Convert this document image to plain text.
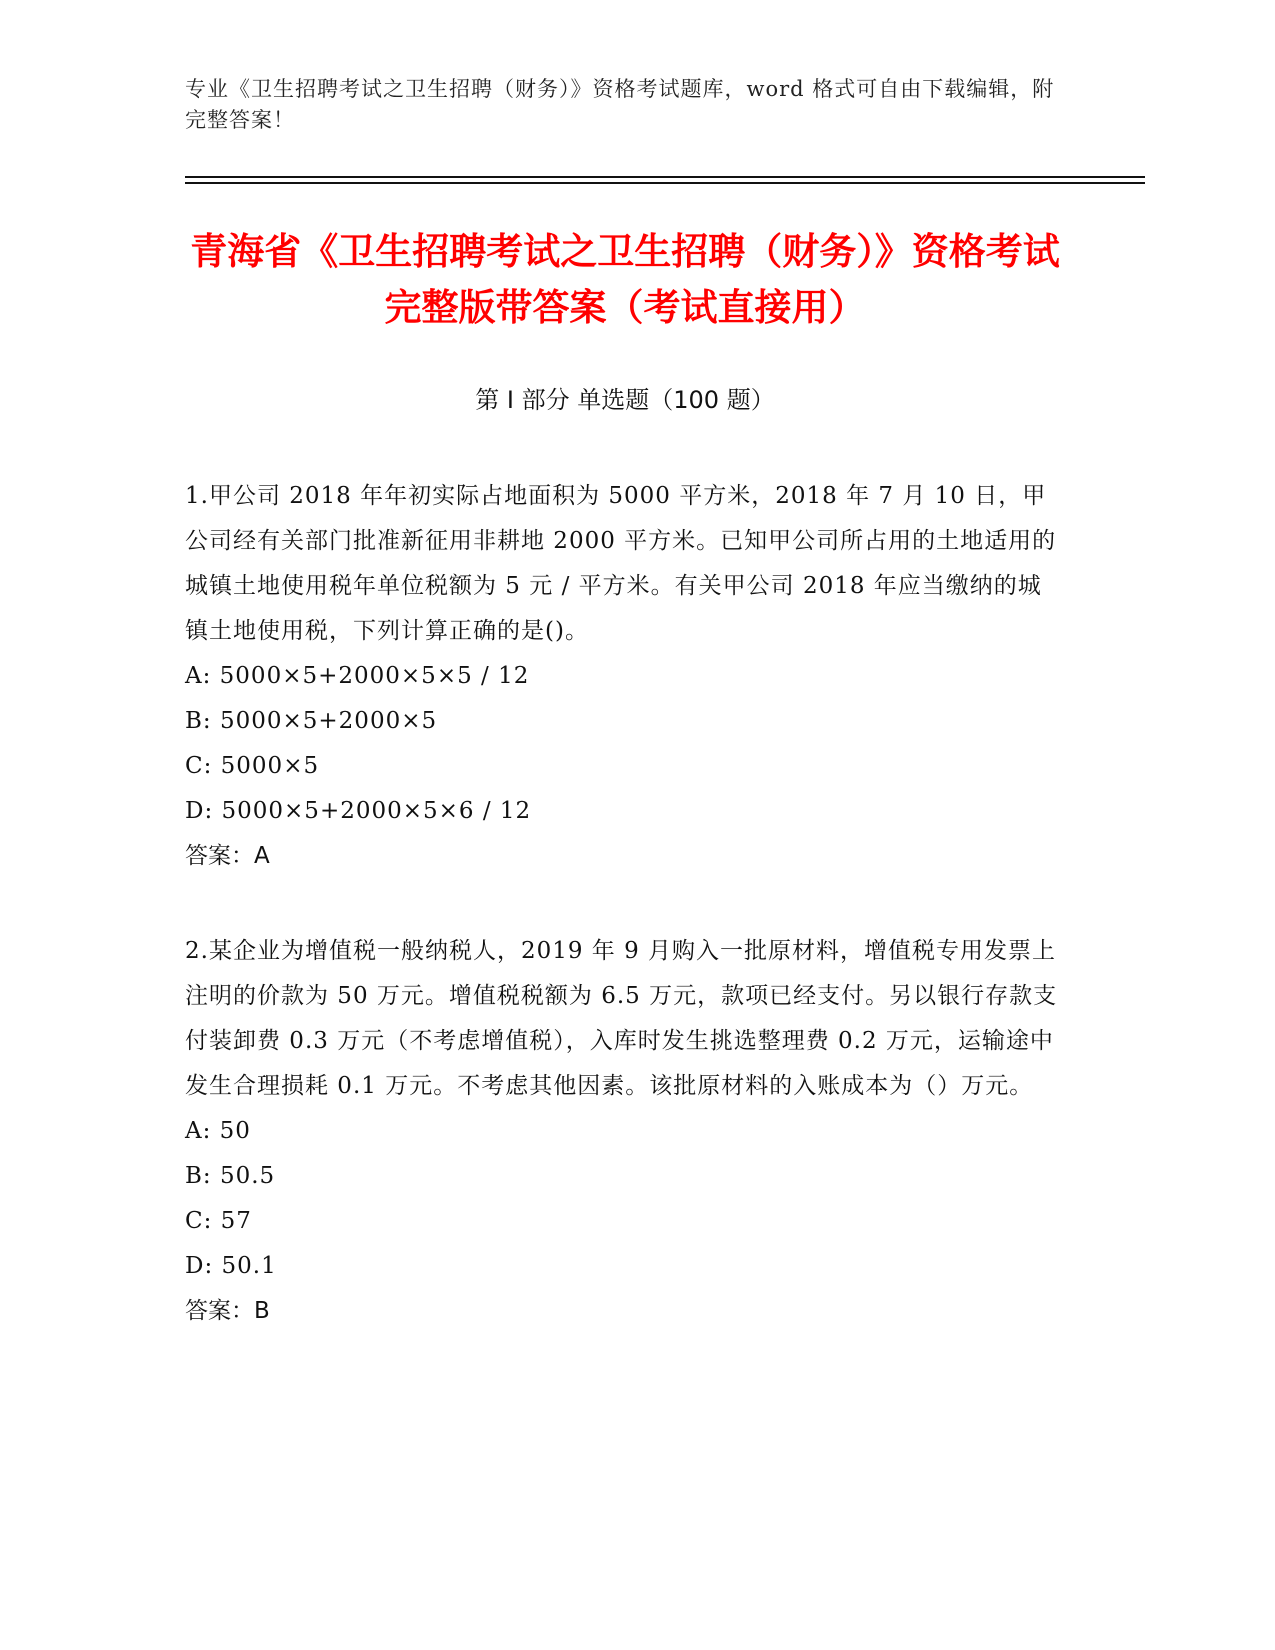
专业《卫生招聘考试之卫生招聘（财务）》资格考试题库，word 格式可自由下载编辑，附完整答案！
青海省《卫生招聘考试之卫生招聘（财务）》资格考试完整版带答案（考试直接用）
第 I 部分 单选题（100 题）

1.甲公司 2018 年年初实际占地面积为 5000 平方米，2018 年 7 月 10 日，甲公司经有关部门批准新征用非耕地 2000 平方米。已知甲公司所占用的土地适用的城镇土地使用税年单位税额为 5 元 / 平方米。有关甲公司 2018 年应当缴纳的城镇土地使用税，下列计算正确的是()。

A: 5000×5+2000×5×5 / 12

B: 5000×5+2000×5

C: 5000×5

D: 5000×5+2000×5×6 / 12

答案：A

2.某企业为增值税一般纳税人，2019 年 9 月购入一批原材料，增值税专用发票上注明的价款为 50 万元。增值税税额为 6.5 万元，款项已经支付。另以银行存款支付装卸费 0.3 万元（不考虑增值税），入库时发生挑选整理费 0.2 万元，运输途中发生合理损耗 0.1 万元。不考虑其他因素。该批原材料的入账成本为（）万元。

A: 50

B: 50.5

C: 57

D: 50.1

答案：B
